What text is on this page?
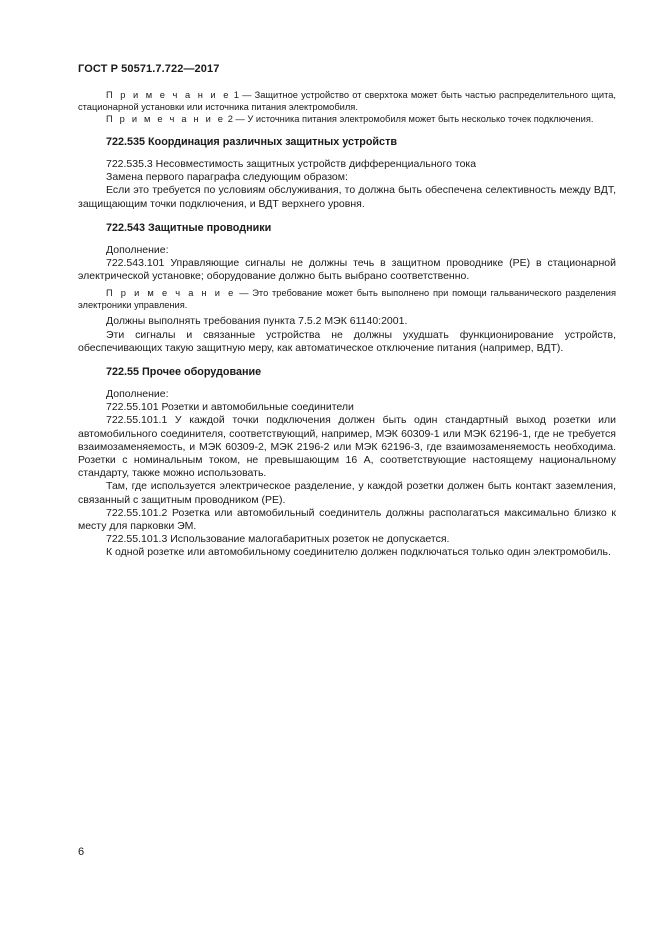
ГОСТ Р 50571.7.722—2017

П р и м е ч а н и е 1 — Защитное устройство от сверхтока может быть частью распределительного щита, стационарной установки или источника питания электромобиля.

П р и м е ч а н и е 2 — У источника питания электромобиля может быть несколько точек подключения.

722.535 Координация различных защитных устройств

722.535.3 Несовместимость защитных устройств дифференциального тока

Замена первого параграфа следующим образом:

Если это требуется по условиям обслуживания, то должна быть обеспечена селективность между ВДТ, защищающим точки подключения, и ВДТ верхнего уровня.

722.543 Защитные проводники

Дополнение:

722.543.101 Управляющие сигналы не должны течь в защитном проводнике (PE) в стационарной электрической установке; оборудование должно быть выбрано соответственно.

П р и м е ч а н и е — Это требование может быть выполнено при помощи гальванического разделения электроники управления.

Должны выполнять требования пункта 7.5.2 МЭК 61140:2001.

Эти сигналы и связанные устройства не должны ухудшать функционирование устройств, обеспечивающих такую защитную меру, как автоматическое отключение питания (например, ВДТ).

722.55 Прочее оборудование

Дополнение:

722.55.101 Розетки и автомобильные соединители

722.55.101.1 У каждой точки подключения должен быть один стандартный выход розетки или автомобильного соединителя, соответствующий, например, МЭК 60309-1 или МЭК 62196-1, где не требуется взаимозаменяемость, и МЭК 60309-2, МЭК 2196-2 или МЭК 62196-3, где взаимозаменяемость необходима. Розетки с номинальным током, не превышающим 16 А, соответствующие настоящему национальному стандарту, также можно использовать.

Там, где используется электрическое разделение, у каждой розетки должен быть контакт заземления, связанный с защитным проводником (PE).

722.55.101.2 Розетка или автомобильный соединитель должны располагаться максимально близко к месту для парковки ЭМ.

722.55.101.3 Использование малогабаритных розеток не допускается.

К одной розетке или автомобильному соединителю должен подключаться только один электромобиль.

6
